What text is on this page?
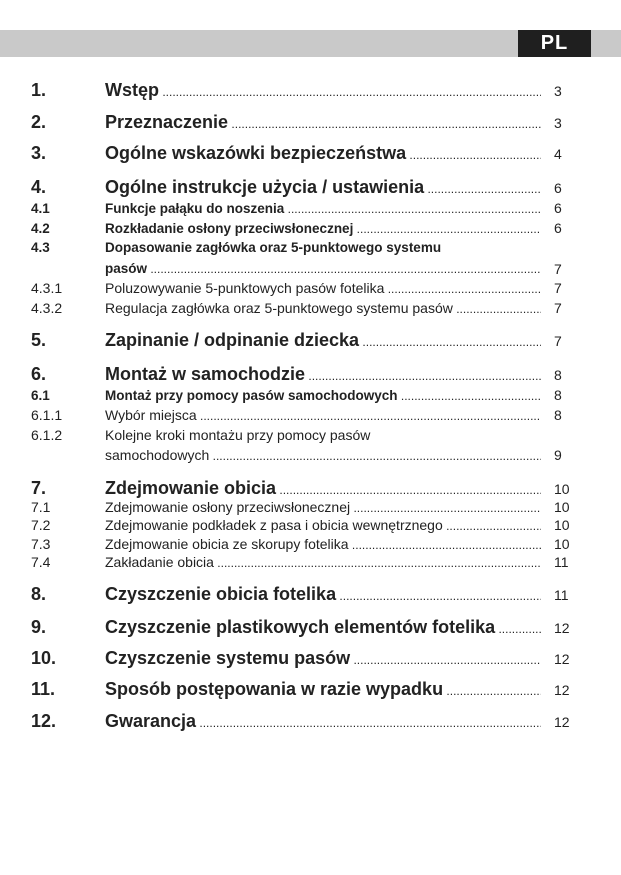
PL
1.	Wstęp .....	3
2.	Przeznaczenie .....	3
3.	Ogólne wskazówki bezpieczeństwa .....	4
4.	Ogólne instrukcje użycia / ustawienia .....	6
4.1	Funkcje pałąku do noszenia .....	6
4.2	Rozkładanie osłony przeciwsłonecznej .....	6
4.3	Dopasowanie zagłówka oraz 5-punktowego systemu
pasów .....	7
4.3.1	Poluzowywanie 5-punktowych pasów fotelika .....	7
4.3.2	Regulacja zagłówka oraz 5-punktowego systemu pasów .....	7
5.	Zapinanie / odpinanie dziecka .....	7
6.	Montaż w samochodzie .....	8
6.1	Montaż przy pomocy pasów samochodowych .....	8
6.1.1	Wybór miejsca .....	8
6.1.2	Kolejne kroki montażu przy pomocy pasów
samochodowych .....	9
7.	Zdejmowanie obicia .....	10
7.1	Zdejmowanie osłony przeciwsłonecznej .....	10
7.2	Zdejmowanie podkładek z pasa i obicia wewnętrznego .....	10
7.3	Zdejmowanie obicia ze skorupy fotelika .....	10
7.4	Zakładanie obicia .....	11
8.	Czyszczenie obicia fotelika .....	11
9.	Czyszczenie plastikowych elementów fotelika .....	12
10.	Czyszczenie systemu pasów .....	12
11.	Sposób postępowania w razie wypadku .....	12
12.	Gwarancja .....	12
